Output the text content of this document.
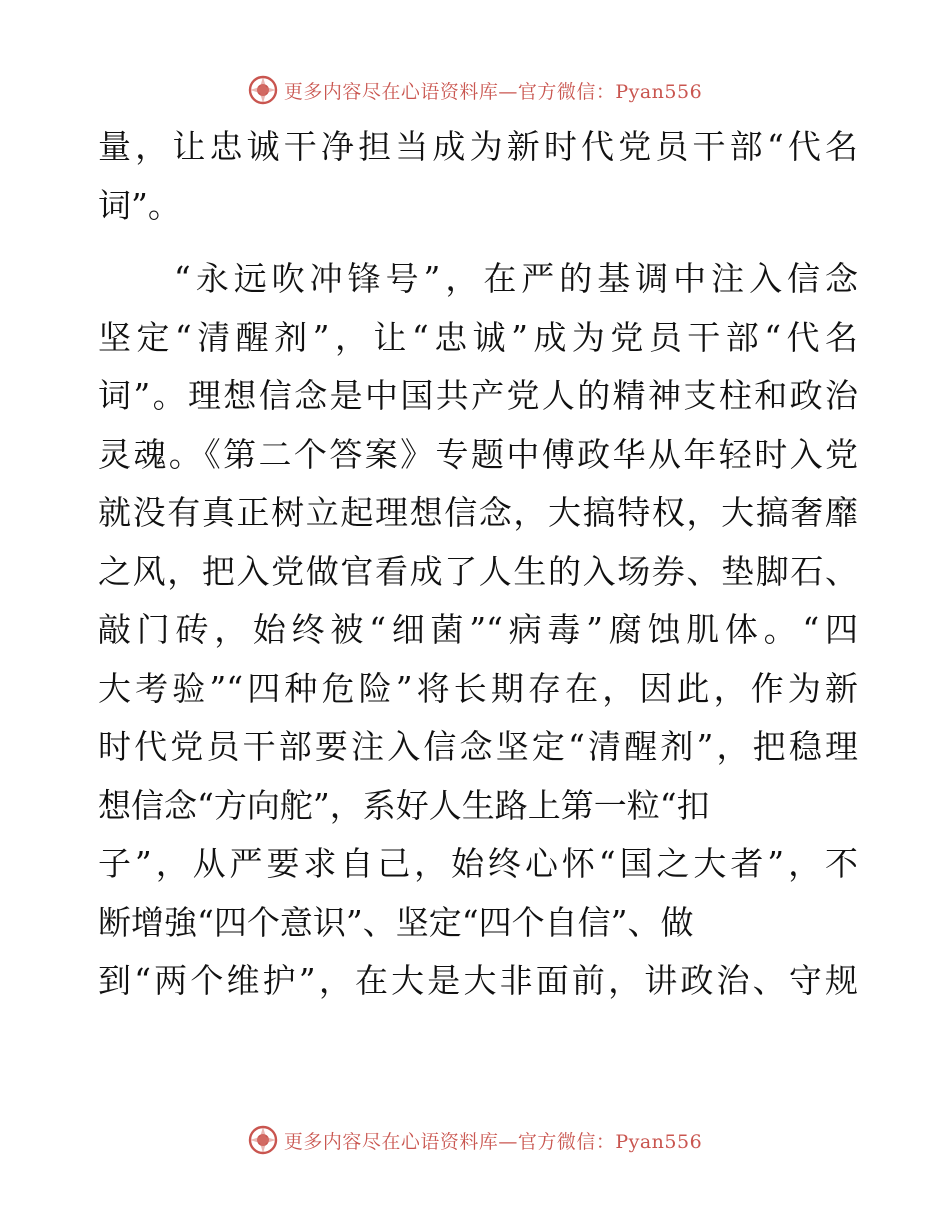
更多内容尽在心语资料库—官方微信：Pyan556
量，让忠诚干净担当成为新时代党员干部“代名
词”。
　　“永远吹冲锋号”，在严的基调中注入信念
坚定“清醒剂”，让“忠诚”成为党员干部“代名
词”。理想信念是中国共产党人的精神支柱和政治
灵魂。《第二个答案》专题中傅政华从年轻时入党
就没有真正树立起理想信念，大搞特权，大搞奢靡
之风，把入党做官看成了人生的入场券、垫脚石、
敲门砖，始终被“细菌”“病毒”腐蚀肌体。“四
大考验”“四种危险”将长期存在，因此，作为新
时代党员干部要注入信念坚定“清醒剂”，把稳理
想信念“方向舵”，系好人生路上第一粒“扣
子”，从严要求自己，始终心怀“国之大者”，不
断增強“四个意识”、坚定“四个自信”、做
到“两个维护”，在大是大非面前，讲政治、守规
更多内容尽在心语资料库—官方微信：Pyan556
